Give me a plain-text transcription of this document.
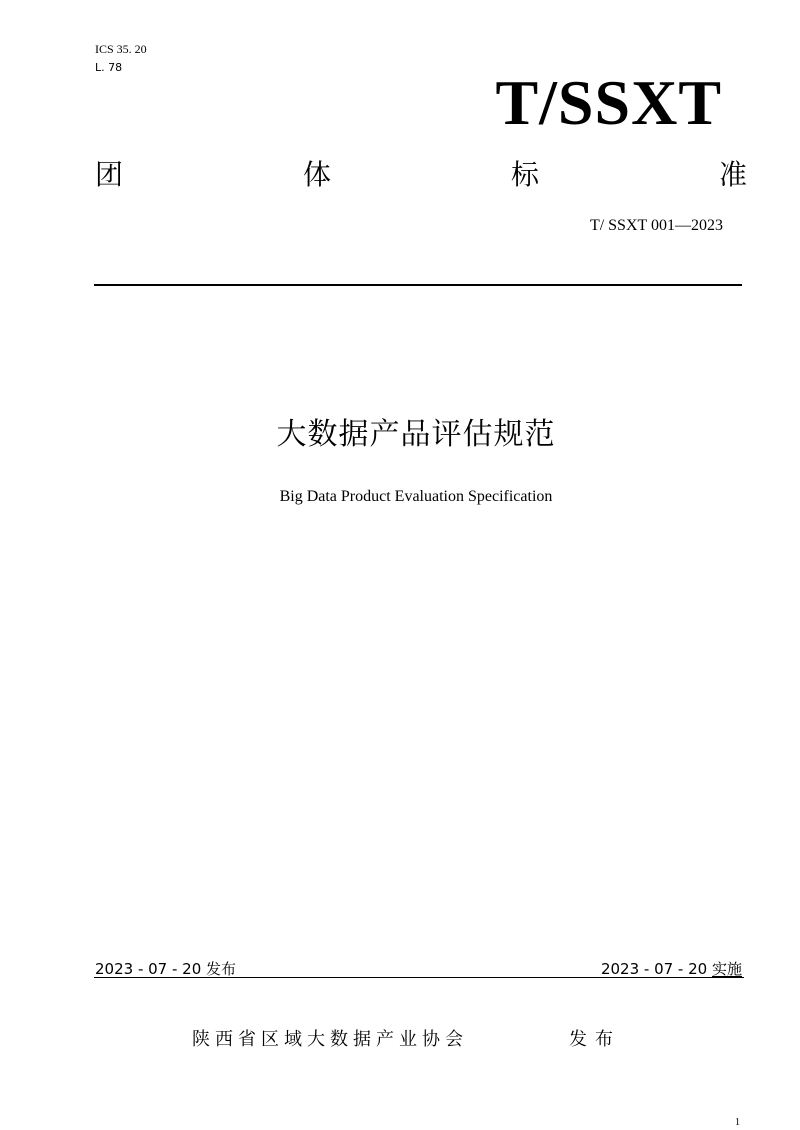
ICS 35. 20
L. 78	T/SSXT
团	体	标	准
T/ SSXT 001—2023
大数据产品评估规范
Big Data Product Evaluation Specification
2023 - 07 - 20 发布	2023 - 07 - 20 实施
陕西省区域大数据产业协会	发布
1
